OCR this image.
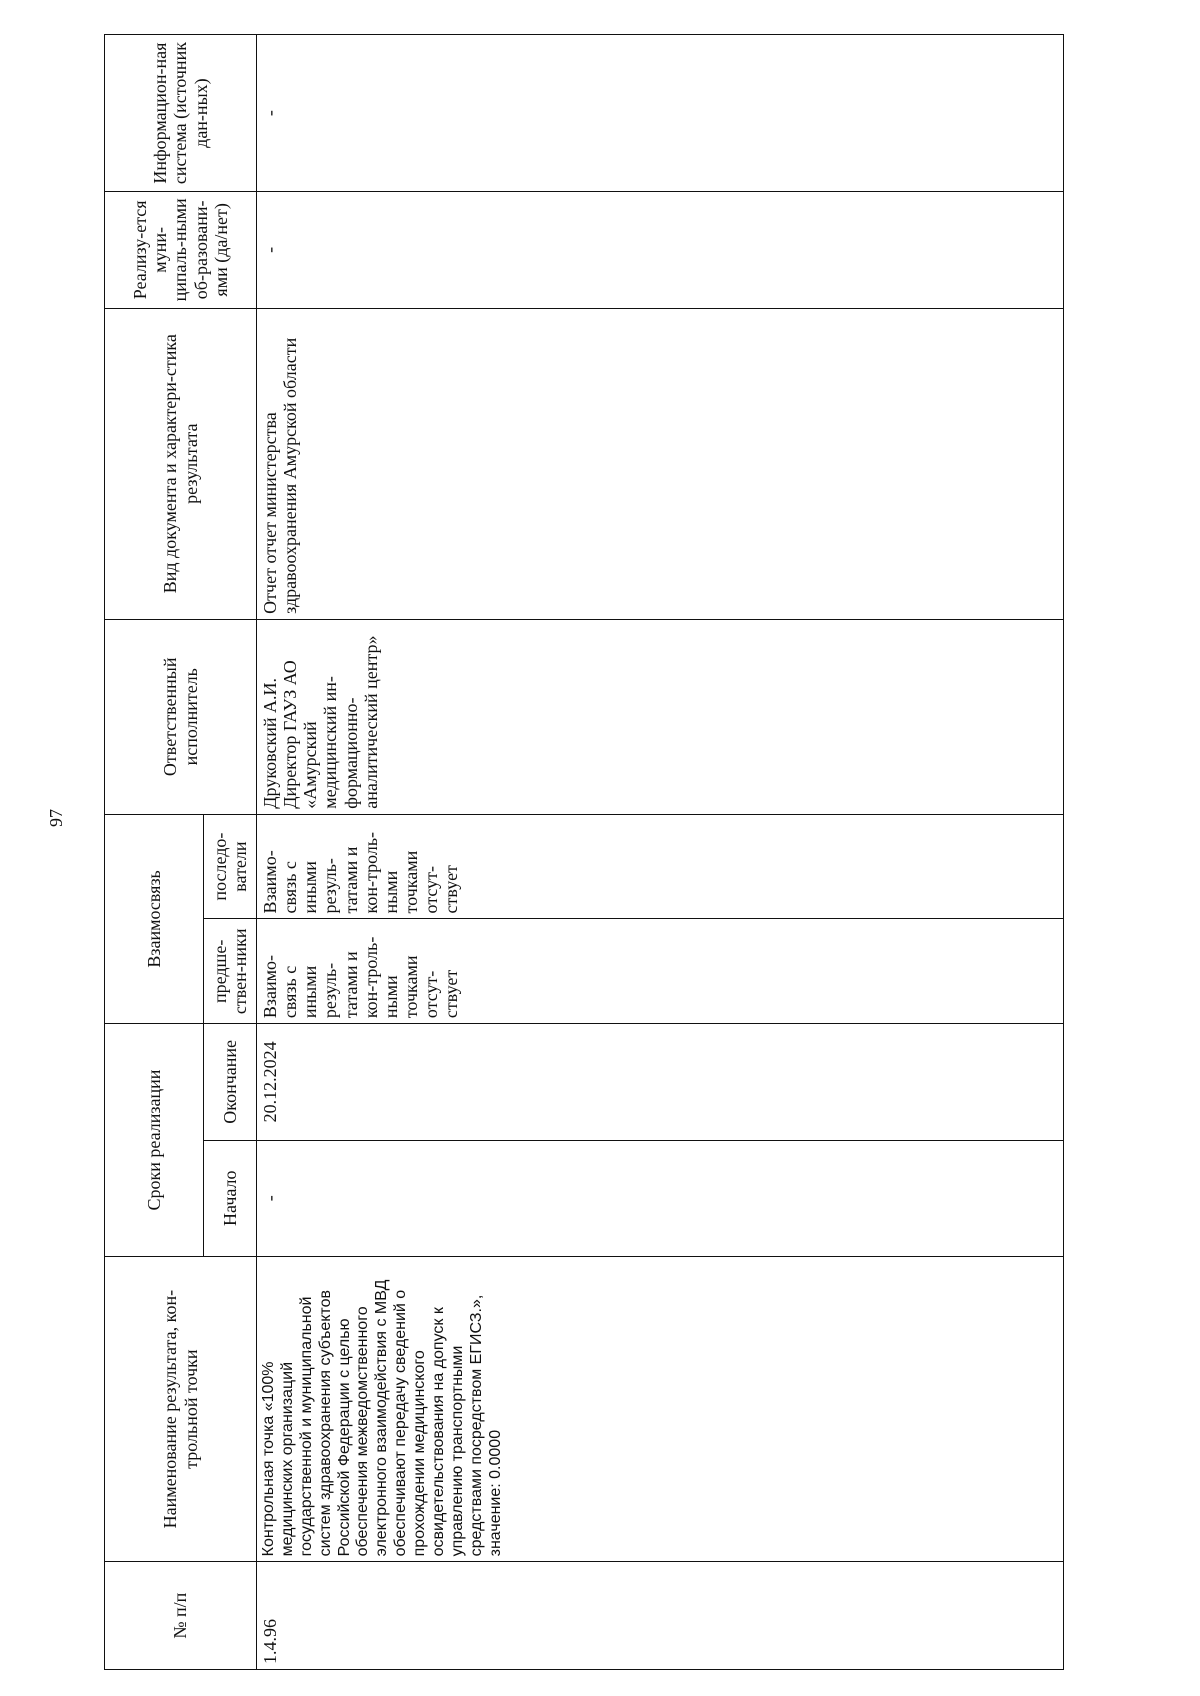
97
№ п/п	Наименование результата, кон-трольной точки	Сроки реализации		Взаимосвязь		Ответственный исполнитель	Вид документа и характери-стика результата	Реализу-ется муни-ципаль-ными об-разовани-ями (да/нет)	Информацион-ная система (источник дан-ных)
		Начало	Окончание	предше-ствен-ники	последо-ватели				
1.4.96	Контрольная точка «100% медицинских организаций государственной и муниципальной систем здравоохранения субъектов Российской Федерации с целью обеспечения межведомственного электронного взаимодействия с МВД обеспечивают передачу сведений о прохождении медицинского освидетельствования на допуск к управлению транспортными средствами посредством ЕГИСЗ.», значение: 0.0000	-	20.12.2024	Взаимо-связь с иными резуль-татами и кон-троль-ными точками отсут-ствует	Взаимо-связь с иными резуль-татами и кон-троль-ными точками отсут-ствует	Друковский А.И. Директор ГАУЗ АО «Амурский медицинский ин-формационно-аналитический центр»	Отчет отчет министерства здравоохранения Амурской области	-	-
